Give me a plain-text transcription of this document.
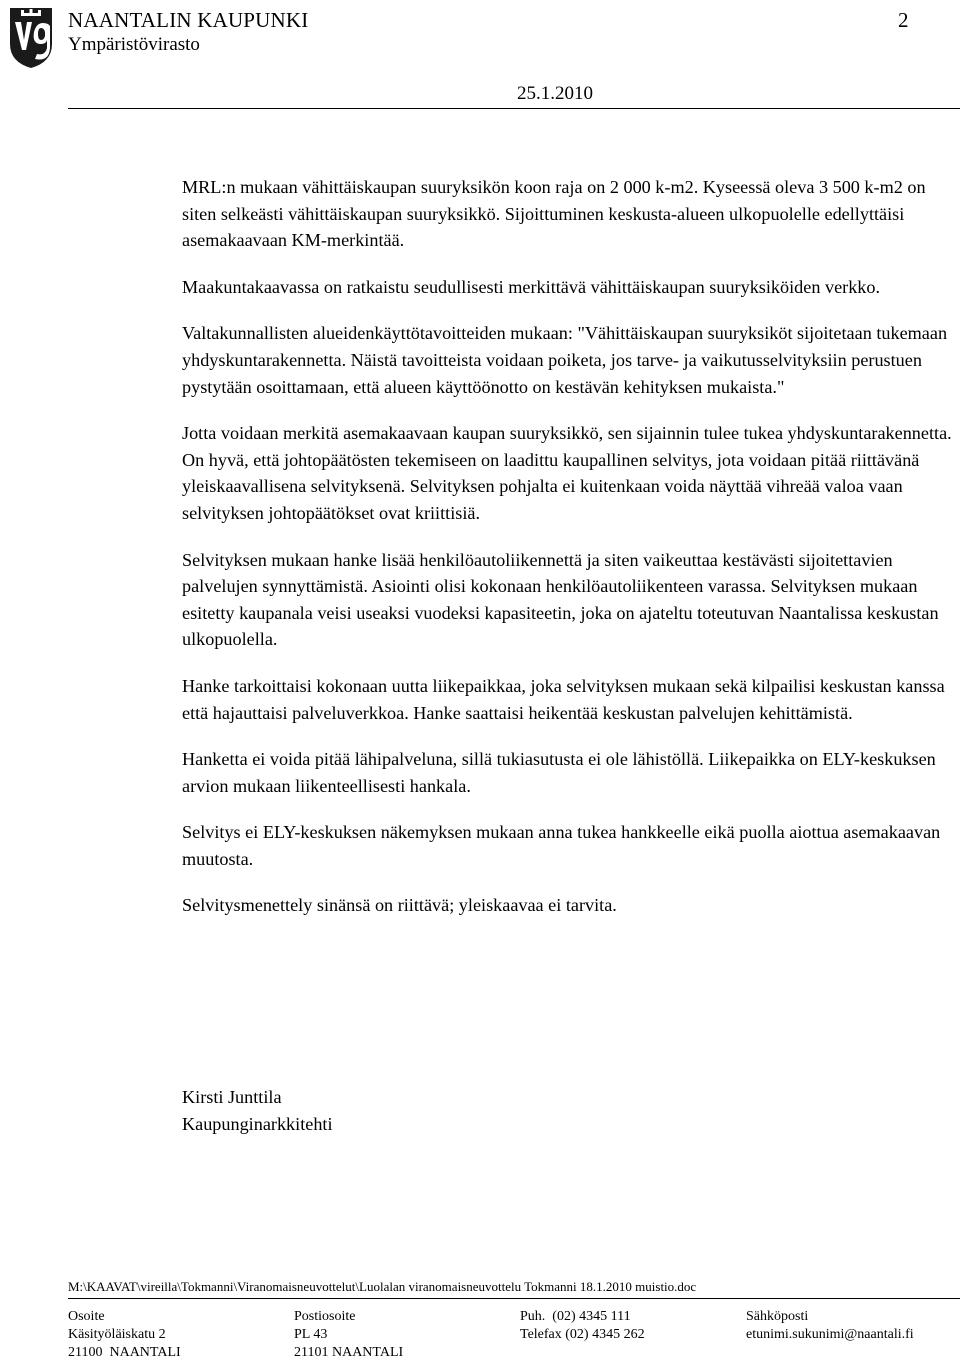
NAANTALIN KAUPUNKI
Ympäristövirasto
2
25.1.2010

MRL:n mukaan vähittäiskaupan suuryksikön koon raja on 2 000 k-m2. Kyseessä oleva 3 500 k-m2 on siten selkeästi vähittäiskaupan suuryksikkö. Sijoittuminen keskusta-alueen ulkopuolelle edellyttäisi asemakaavaan KM-merkintää.

Maakuntakaavassa on ratkaistu seudullisesti merkittävä vähittäiskaupan suuryksiköiden verkko.

Valtakunnallisten alueidenkäyttötavoitteiden mukaan: "Vähittäiskaupan suuryksiköt sijoitetaan tukemaan yhdyskuntarakennetta. Näistä tavoitteista voidaan poiketa, jos tarve- ja vaikutusselvityksiin perustuen pystytään osoittamaan, että alueen käyttöönotto on kestävän kehityksen mukaista."

Jotta voidaan merkitä asemakaavaan kaupan suuryksikkö, sen sijainnin tulee tukea yhdyskuntarakennetta. On hyvä, että johtopäätösten tekemiseen on laadittu kaupallinen selvitys, jota voidaan pitää riittävänä yleiskaavallisena selvityksenä. Selvityksen pohjalta ei kuitenkaan voida näyttää vihreää valoa vaan selvityksen johtopäätökset ovat kriittisiä.

Selvityksen mukaan hanke lisää henkilöautoliikennettä ja siten vaikeuttaa kestävästi sijoitettavien palvelujen synnyttämistä. Asiointi olisi kokonaan henkilöautoliikenteen varassa. Selvityksen mukaan esitetty kaupanala veisi useaksi vuodeksi kapasiteetin, joka on ajateltu toteutuvan Naantalissa keskustan ulkopuolella.

Hanke tarkoittaisi kokonaan uutta liikepaikkaa, joka selvityksen mukaan sekä kilpailisi keskustan kanssa että hajauttaisi palveluverkkoa. Hanke saattaisi heikentää keskustan palvelujen kehittämistä.

Hanketta ei voida pitää lähipalveluna, sillä tukiasutusta ei ole lähistöllä. Liikepaikka on ELY-keskuksen arvion mukaan liikenteellisesti hankala.

Selvitys ei ELY-keskuksen näkemyksen mukaan anna tukea hankkeelle eikä puolla aiottua asemakaavan muutosta.

Selvitysmenettely sinänsä on riittävä; yleiskaavaa ei tarvita.

Kirsti Junttila
Kaupunginarkkitehti
M:\KAAVAT\vireilla\Tokmanni\Viranomaisneuvottelut\Luolalan viranomaisneuvottelu Tokmanni 18.1.2010 muistio.doc
Osoite
Käsityöläiskatu 2
21100  NAANTALI
Postiosoite
PL 43
21101 NAANTALI
Puh.  (02) 4345 111
Telefax (02) 4345 262
Sähköposti
etunimi.sukunimi@naantali.fi
